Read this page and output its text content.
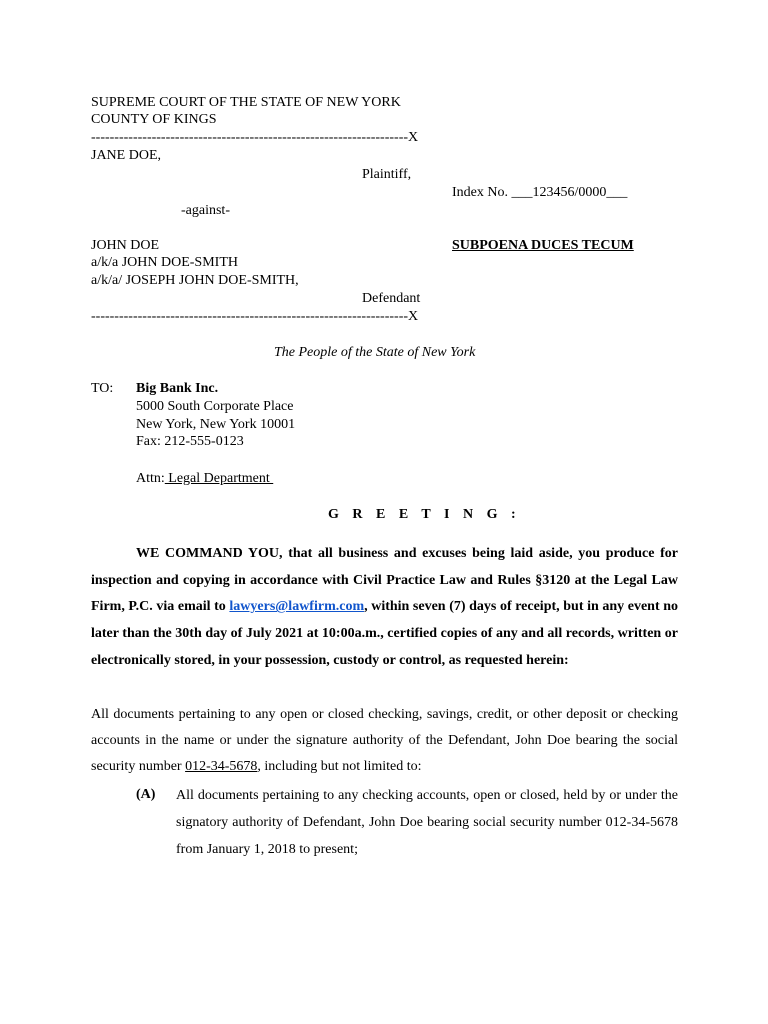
SUPREME COURT OF THE STATE OF NEW YORK
COUNTY OF KINGS
--------------------------------------------------------------------X
JANE DOE,
Plaintiff,
Index No. ___123456/0000___
-against-
JOHN DOE	SUBPOENA DUCES TECUM
a/k/a JOHN DOE-SMITH
a/k/a/ JOSEPH JOHN DOE-SMITH,
Defendant
--------------------------------------------------------------------X
The People of the State of New York
TO: Big Bank Inc.
5000 South Corporate Place
New York, New York 10001
Fax: 212-555-0123
Attn: Legal Department
G R E E T I N G :
WE COMMAND YOU, that all business and excuses being laid aside, you produce for inspection and copying in accordance with Civil Practice Law and Rules §3120 at the Legal Law Firm, P.C. via email to lawyers@lawfirm.com, within seven (7) days of receipt, but in any event no later than the 30th day of July 2021 at 10:00a.m., certified copies of any and all records, written or electronically stored, in your possession, custody or control, as requested herein:
All documents pertaining to any open or closed checking, savings, credit, or other deposit or checking accounts in the name or under the signature authority of the Defendant, John Doe bearing the social security number 012-34-5678, including but not limited to:
(A) All documents pertaining to any checking accounts, open or closed, held by or under the signatory authority of Defendant, John Doe bearing social security number 012-34-5678 from January 1, 2018 to present;
